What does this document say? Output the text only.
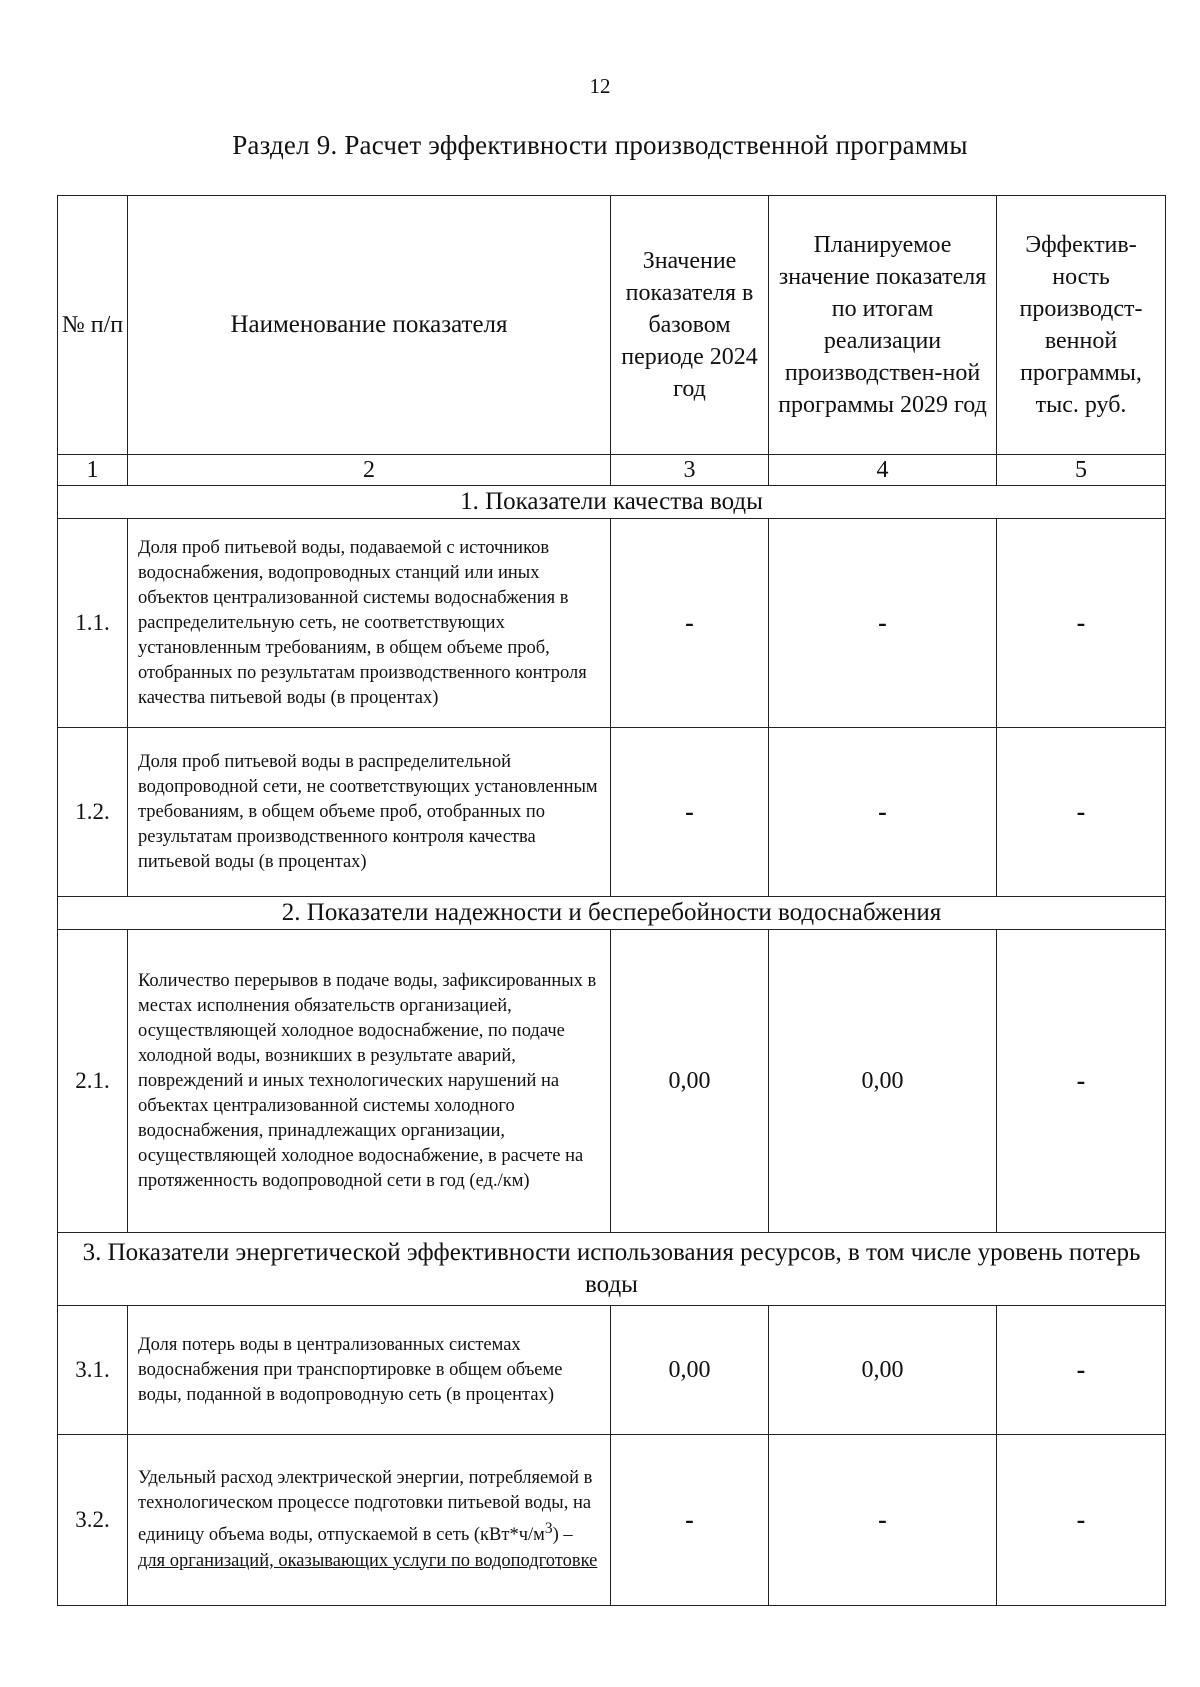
12
Раздел 9. Расчет эффективности производственной программы
№ п/п	Наименование показателя	Значение показателя в базовом периоде 2024 год	Планируемое значение показателя по итогам реализации производствен-ной программы 2029 год	Эффектив-ность производст-венной программы, тыс. руб.
1	2	3	4	5
1. Показатели качества воды				
1.1.	Доля проб питьевой воды, подаваемой с источников водоснабжения, водопроводных станций или иных объектов централизованной системы водоснабжения в распределительную сеть, не соответствующих установленным требованиям, в общем объеме проб, отобранных по результатам производственного контроля качества питьевой воды (в процентах)	-	-	-
1.2.	Доля проб питьевой воды в распределительной водопроводной сети, не соответствующих установленным требованиям, в общем объеме проб, отобранных по результатам производственного контроля качества питьевой воды (в процентах)	-	-	-
2. Показатели надежности и бесперебойности водоснабжения				
2.1.	Количество перерывов в подаче воды, зафиксированных в местах исполнения обязательств организацией, осуществляющей холодное водоснабжение, по подаче холодной воды, возникших в результате аварий, повреждений и иных технологических нарушений на объектах централизованной системы холодного водоснабжения, принадлежащих организации, осуществляющей холодное водоснабжение, в расчете на протяженность водопроводной сети в год (ед./км)	0,00	0,00	-
3. Показатели энергетической эффективности использования ресурсов, в том числе уровень потерь воды				
3.1.	Доля потерь воды в централизованных системах водоснабжения при транспортировке в общем объеме воды, поданной в водопроводную сеть (в процентах)	0,00	0,00	-
3.2.	Удельный расход электрической энергии, потребляемой в технологическом процессе подготовки питьевой воды, на единицу объема воды, отпускаемой в сеть $(кВт*ч/м^3)$ – для организаций, оказывающих услуги по водоподготовке	-	-	-
